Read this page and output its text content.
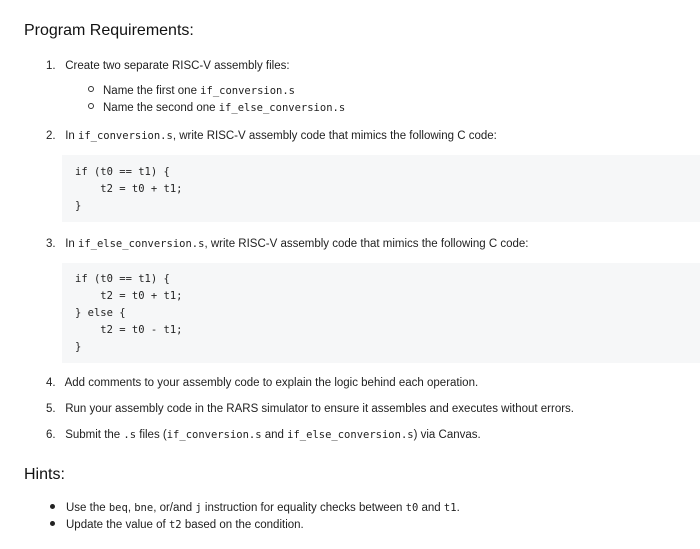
Program Requirements:
1. Create two separate RISC-V assembly files:
Name the first one if_conversion.s
Name the second one if_else_conversion.s
2. In if_conversion.s, write RISC-V assembly code that mimics the following C code:
if (t0 == t1) {
t2 = t0 + t1;
}
3. In if_else_conversion.s, write RISC-V assembly code that mimics the following C code:
if (t0 == t1) {
t2 = t0 + t1;
} else {
t2 = t0 - t1;
}
4. Add comments to your assembly code to explain the logic behind each operation.
5. Run your assembly code in the RARS simulator to ensure it assembles and executes without errors.
6. Submit the .s files (if_conversion.s and if_else_conversion.s) via Canvas.
Hints:
Use the beq, bne, or/and j instruction for equality checks between t0 and t1.
Update the value of t2 based on the condition.
